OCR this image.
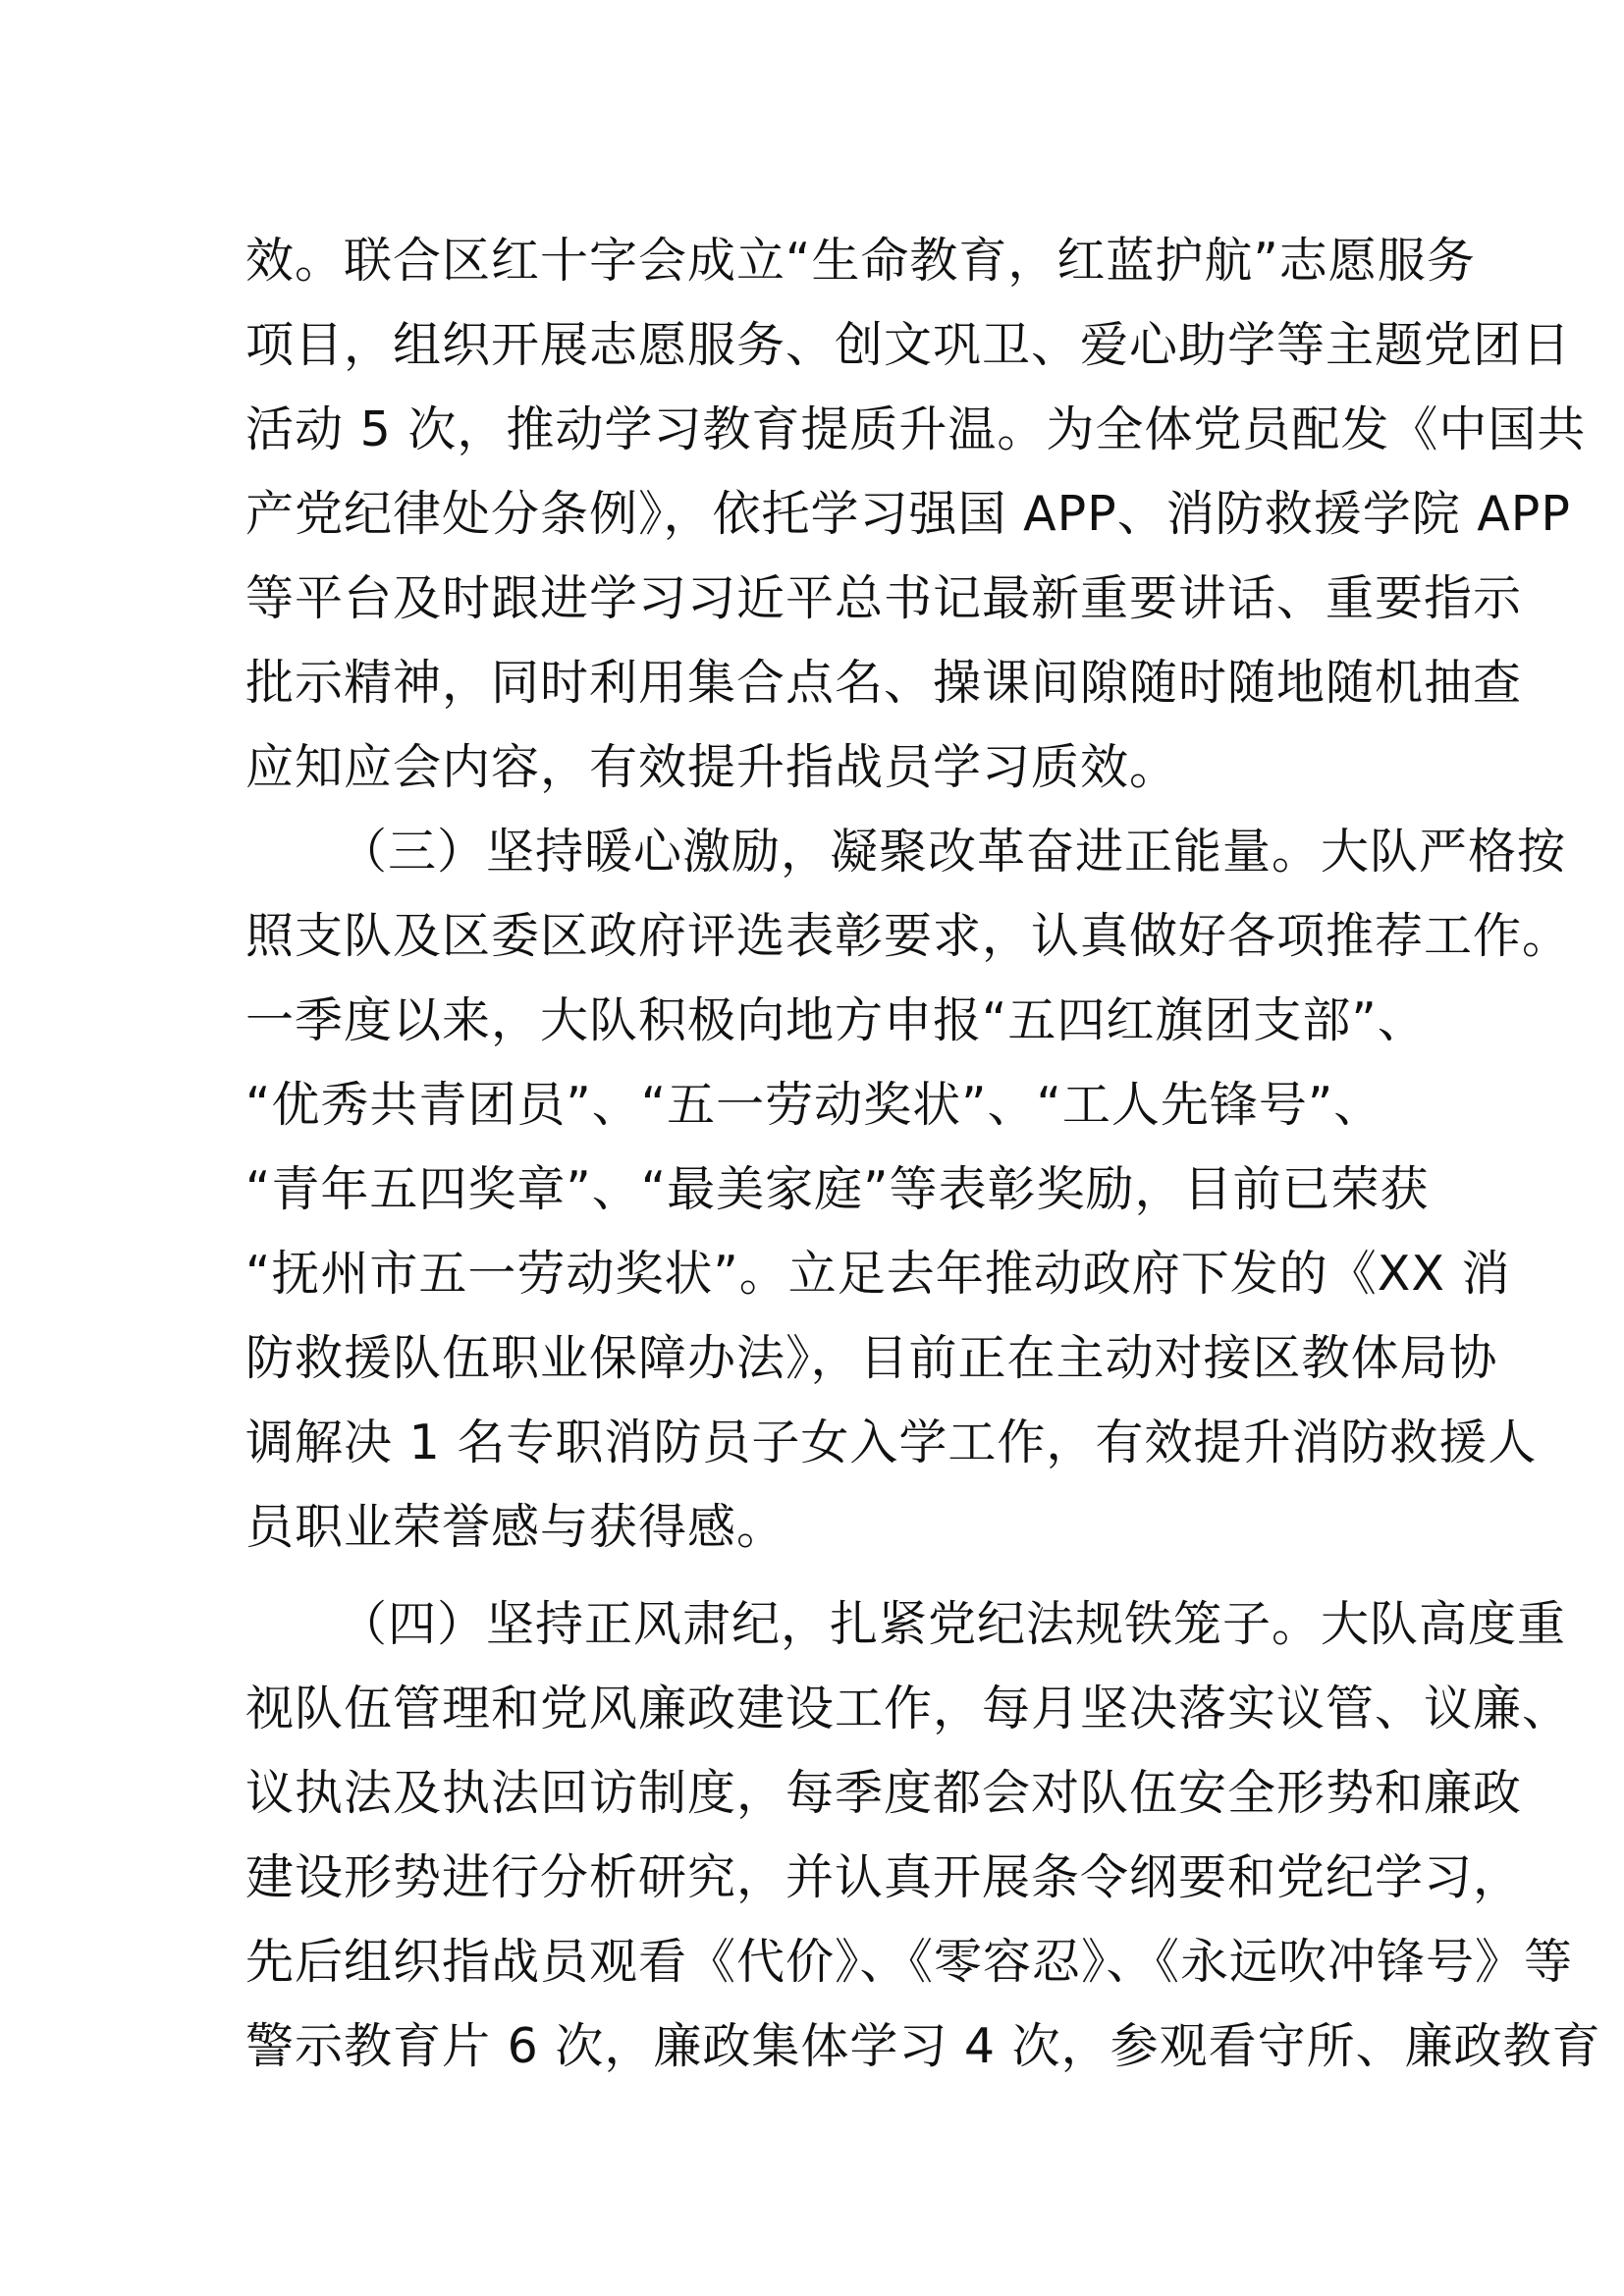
效。联合区红十字会成立“生命教育，红蓝护航”志愿服务
项目，组织开展志愿服务、创文巩卫、爱心助学等主题党团日
活动 5 次，推动学习教育提质升温。为全体党员配发《中国共
产党纪律处分条例》，依托学习强国 APP、消防救援学院 APP
等平台及时跟进学习习近平总书记最新重要讲话、重要指示
批示精神，同时利用集合点名、操课间隙随时随地随机抽查
应知应会内容，有效提升指战员学习质效。
（三）坚持暖心激励，凝聚改革奋进正能量。大队严格按
照支队及区委区政府评选表彰要求，认真做好各项推荐工作。
一季度以来，大队积极向地方申报“五四红旗团支部”、
“优秀共青团员”、“五一劳动奖状”、“工人先锋号”、
“青年五四奖章”、“最美家庭”等表彰奖励，目前已荣获
“抚州市五一劳动奖状”。立足去年推动政府下发的《XX 消
防救援队伍职业保障办法》，目前正在主动对接区教体局协
调解决 1 名专职消防员子女入学工作，有效提升消防救援人
员职业荣誉感与获得感。
（四）坚持正风肃纪，扎紧党纪法规铁笼子。大队高度重
视队伍管理和党风廉政建设工作，每月坚决落实议管、议廉、
议执法及执法回访制度，每季度都会对队伍安全形势和廉政
建设形势进行分析研究，并认真开展条令纲要和党纪学习，
先后组织指战员观看《代价》、《零容忍》、《永远吹冲锋号》等
警示教育片 6 次，廉政集体学习 4 次，参观看守所、廉政教育
